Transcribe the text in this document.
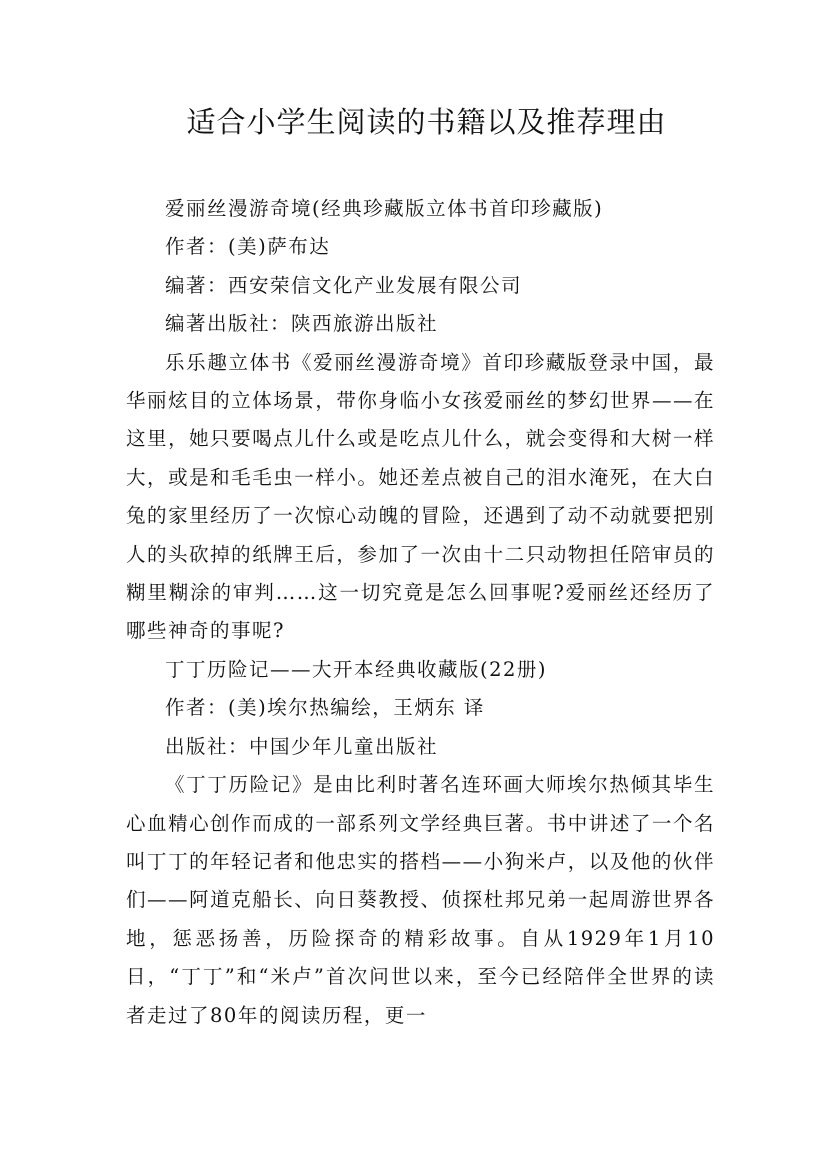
适合小学生阅读的书籍以及推荐理由

爱丽丝漫游奇境(经典珍藏版立体书首印珍藏版)

作者：(美)萨布达

编著：西安荣信文化产业发展有限公司

编著出版社：陕西旅游出版社

乐乐趣立体书《爱丽丝漫游奇境》首印珍藏版登录中国，最华丽炫目的立体场景，带你身临小女孩爱丽丝的梦幻世界——在这里，她只要喝点儿什么或是吃点儿什么，就会变得和大树一样大，或是和毛毛虫一样小。她还差点被自己的泪水淹死，在大白兔的家里经历了一次惊心动魄的冒险，还遇到了动不动就要把别人的头砍掉的纸牌王后，参加了一次由十二只动物担任陪审员的糊里糊涂的审判……这一切究竟是怎么回事呢?爱丽丝还经历了哪些神奇的事呢?

丁丁历险记——大开本经典收藏版(22册)

作者：(美)埃尔热编绘，王炳东 译

出版社：中国少年儿童出版社

《丁丁历险记》是由比利时著名连环画大师埃尔热倾其毕生心血精心创作而成的一部系列文学经典巨著。书中讲述了一个名叫丁丁的年轻记者和他忠实的搭档——小狗米卢，以及他的伙伴们——阿道克船长、向日葵教授、侦探杜邦兄弟一起周游世界各地，惩恶扬善，历险探奇的精彩故事。自从1929年1月10日，“丁丁”和“米卢”首次问世以来，至今已经陪伴全世界的读者走过了80年的阅读历程，更一
